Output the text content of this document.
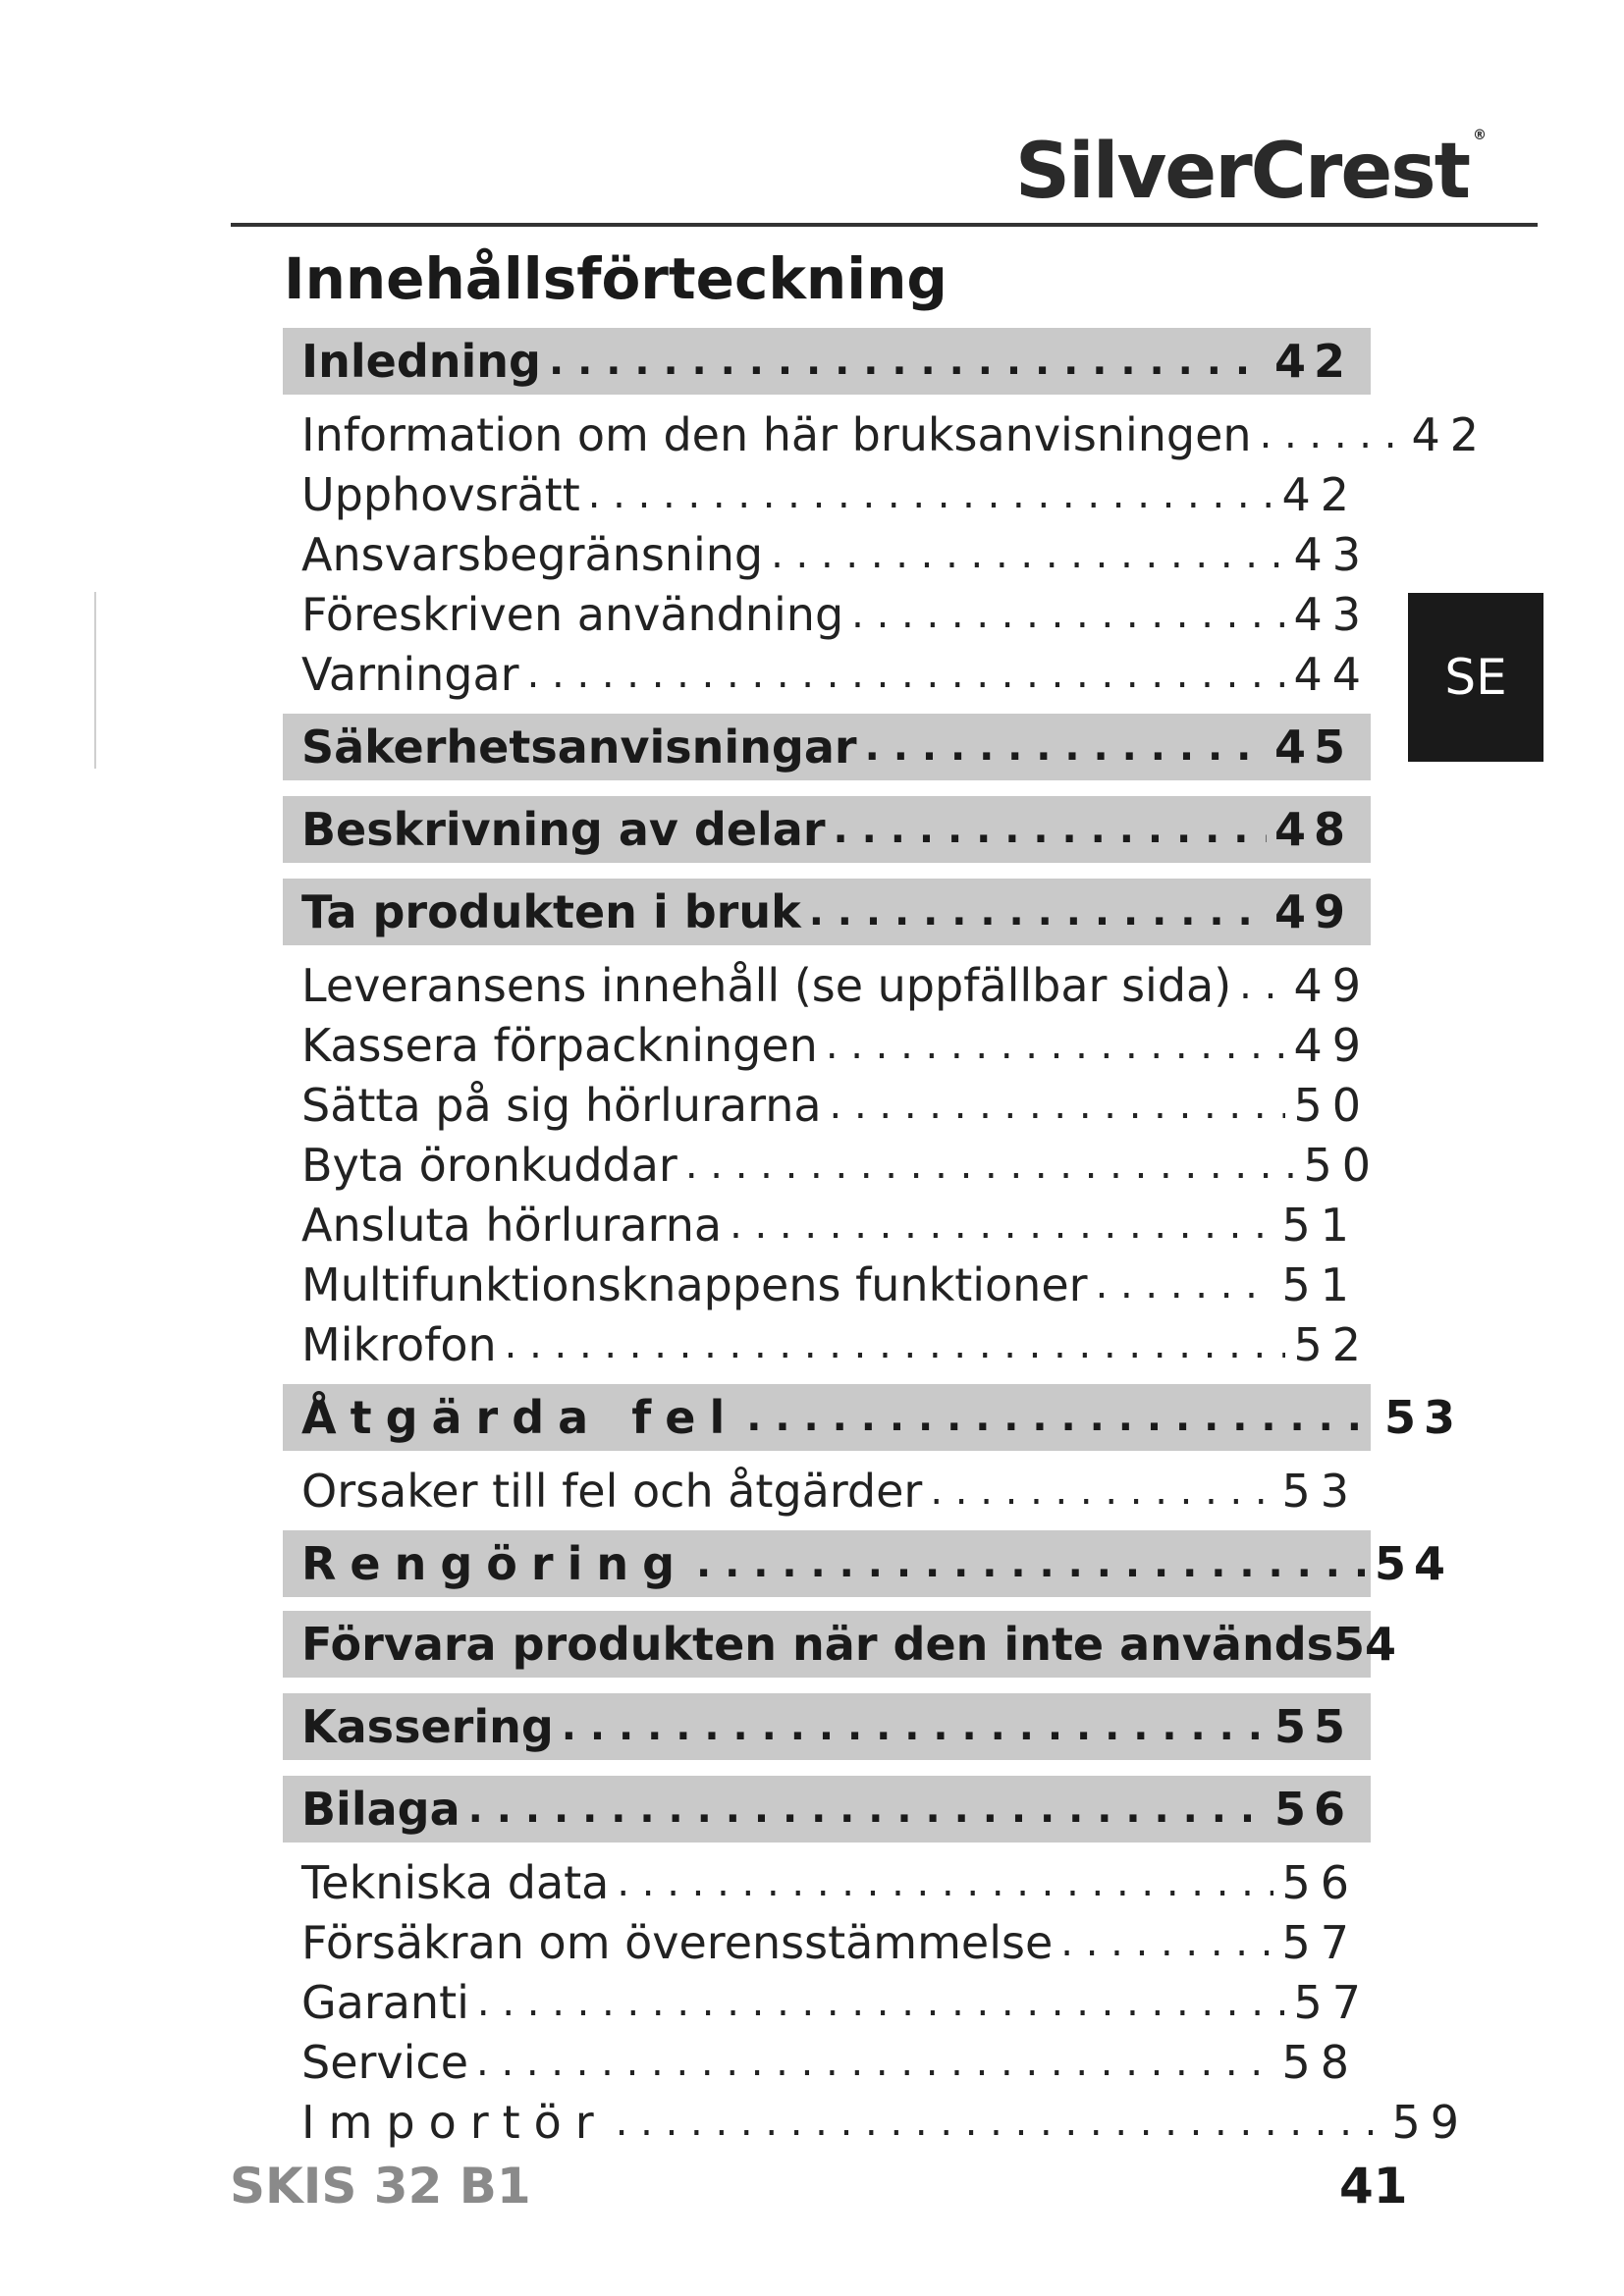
SilverCrest ®
Innehållsförteckning
Inledning . . .	42
Information om den här bruksanvisningen . . .	42
Upphovsrätt . . .	42
Ansvarsbegränsning . . .	43
Föreskriven användning . . .	43
Varningar . . .	44
Säkerhetsanvisningar . . .	45
Beskrivning av delar . . .	48
Ta produkten i bruk . . .	49
Leveransens innehåll (se uppfällbar sida) . . . 49
Kassera förpackningen . . .	49
Sätta på sig hörlurarna . . .	50
Byta öronkuddar . . .	50
Ansluta hörlurarna . . .	51
Multifunktionsknappens funktioner . . .	51
Mikrofon . . .	52
Åtgärda fel . . .	53
Orsaker till fel och åtgärder . . .	53
Rengöring . . .	54
Förvara produkten när den inte används 54
Kassering . . .	55
Bilaga . . .	56
Tekniska data . . .	56
Försäkran om överensstämmelse . . .	57
Garanti . . .	57
Service . . .	58
Importör . . .	59
SE
SKIS 32 B1	41
